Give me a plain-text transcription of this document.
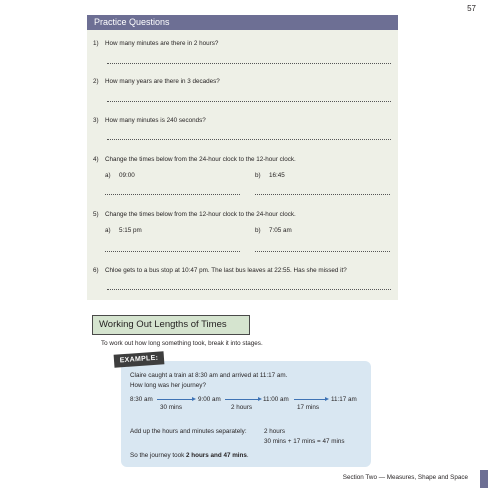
57
Practice Questions
1) How many minutes are there in 2 hours?
2) How many years are there in 3 decades?
3) How many minutes is 240 seconds?
4) Change the times below from the 24-hour clock to the 12-hour clock.
a) 09:00	b) 16:45
5) Change the times below from the 12-hour clock to the 24-hour clock.
a) 5:15 pm	b) 7:05 am
6) Chloe gets to a bus stop at 10:47 pm. The last bus leaves at 22:55. Has she missed it?
Working Out Lengths of Times
To work out how long something took, break it into stages.
EXAMPLE:
Claire caught a train at 8:30 am and arrived at 11:17 am.
How long was her journey?
8:30 am
30 mins
9:00 am
2 hours
11:00 am
17 mins
11:17 am
Add up the hours and minutes separately:	2 hours
30 mins + 17 mins = 47 mins
So the journey took 2 hours and 47 mins.
Section Two — Measures, Shape and Space
